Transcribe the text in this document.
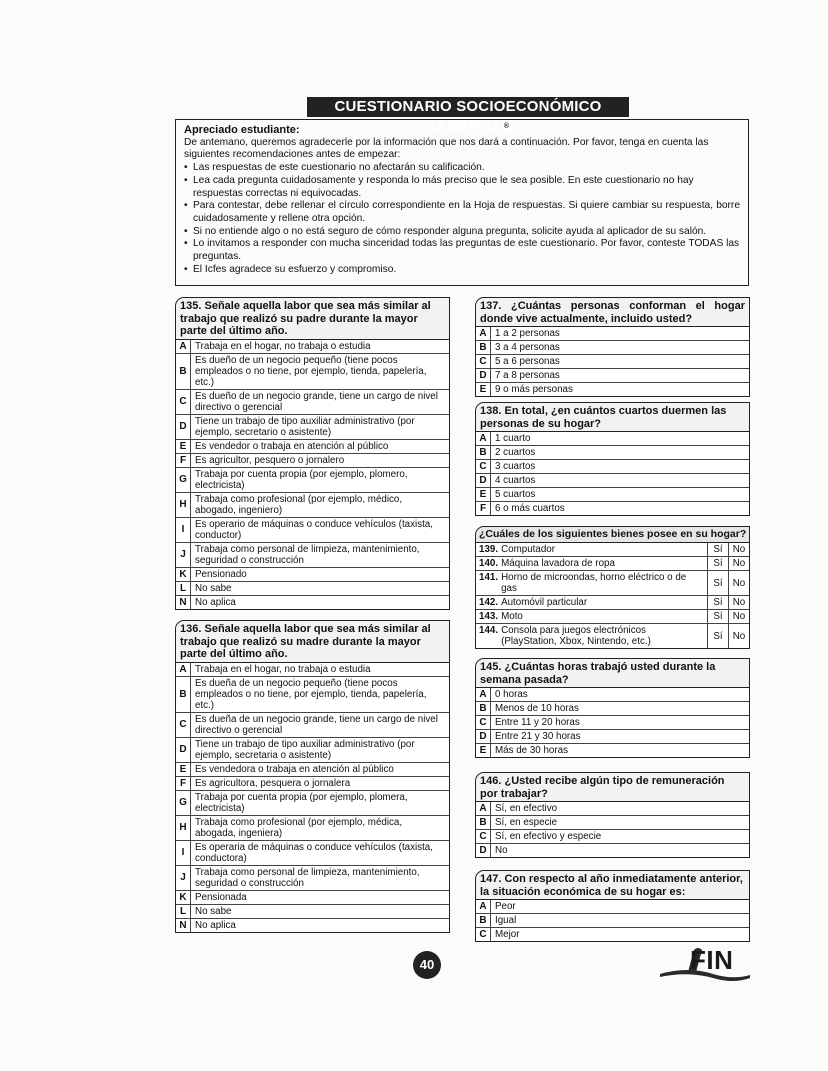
CUESTIONARIO SOCIOECONÓMICO SABER 11 ®
Apreciado estudiante:
De antemano, queremos agradecerle por la información que nos dará a continuación. Por favor, tenga en cuenta las siguientes recomendaciones antes de empezar:
• Las respuestas de este cuestionario no afectarán su calificación.
• Lea cada pregunta cuidadosamente y responda lo más preciso que le sea posible. En este cuestionario no hay respuestas correctas ni equivocadas.
• Para contestar, debe rellenar el círculo correspondiente en la Hoja de respuestas. Si quiere cambiar su respuesta, borre cuidadosamente y rellene otra opción.
• Si no entiende algo o no está seguro de cómo responder alguna pregunta, solicite ayuda al aplicador de su salón.
• Lo invitamos a responder con mucha sinceridad todas las preguntas de este cuestionario. Por favor, conteste TODAS las preguntas.
• El Icfes agradece su esfuerzo y compromiso.
135. Señale aquella labor que sea más similar al trabajo que realizó su padre durante la mayor parte del último año.
A Trabaja en el hogar, no trabaja o estudia
B
Es dueño de un negocio pequeño (tiene pocos empleados o no tiene, por ejemplo, tienda, papelería, etc.)
C Es dueño de un negocio grande, tiene un cargo de nivel directivo o gerencial
D Tiene un trabajo de tipo auxiliar administrativo (por ejemplo, secretario o asistente)
E Es vendedor o trabaja en atención al público
F Es agricultor, pesquero o jornalero
G Trabaja por cuenta propia (por ejemplo, plomero, electricista)
H Trabaja como profesional (por ejemplo, médico, abogado, ingeniero)
I	Es operario de máquinas o conduce vehículos (taxista, conductor)
J Trabaja como personal de limpieza, mantenimiento, seguridad o construcción
K Pensionado
L No sabe
N No aplica
136. Señale aquella labor que sea más similar al trabajo que realizó su madre durante la mayor parte del último año.
A Trabaja en el hogar, no trabaja o estudia
B
Es dueña de un negocio pequeño (tiene pocos empleados o no tiene, por ejemplo, tienda, papelería, etc.)
C Es dueña de un negocio grande, tiene un cargo de nivel directivo o gerencial
D Tiene un trabajo de tipo auxiliar administrativo (por ejemplo, secretaria o asistente)
E Es vendedora o trabaja en atención al público
F Es agricultora, pesquera o jornalera
G Trabaja por cuenta propia (por ejemplo, plomera, electricista)
H Trabaja como profesional (por ejemplo, médica, abogada, ingeniera)
I	Es operaria de máquinas o conduce vehículos (taxista, conductora)
J Trabaja como personal de limpieza, mantenimiento, seguridad o construcción
K Pensionada
L No sabe
N No aplica
137. ¿Cuántas personas conforman el hogar donde vive actualmente, incluido usted?
A 1 a 2 personas
B 3 a 4 personas
C 5 a 6 personas
D 7 a 8 personas
E 9 o más personas
138. En total, ¿en cuántos cuartos duermen las personas de su hogar?
A 1 cuarto
B 2 cuartos
C 3 cuartos
D 4 cuartos
E 5 cuartos
F 6 o más cuartos
¿Cuáles de los siguientes bienes posee en su hogar?
139. Computador	Sí	No
140. Máquina lavadora de ropa	Sí	No
141. Horno de microondas, horno eléctrico o de gas	Sí	No
142. Automóvil particular	Sí	No
143. Moto	Sí	No
144. Consola para juegos electrónicos (PlayStation, Xbox, Nintendo, etc.)	Sí	No
145. ¿Cuántas horas trabajó usted durante la semana pasada?
A 0 horas
B Menos de 10 horas
C Entre 11 y 20 horas
D Entre 21 y 30 horas
E Más de 30 horas
146. ¿Usted recibe algún tipo de remuneración por trabajar?
A Sí, en efectivo
B Sí, en especie
C Sí, en efectivo y especie
D No
147. Con respecto al año inmediatamente anterior, la situación económica de su hogar es:
A Peor
B Igual
C Mejor
40	FIN
